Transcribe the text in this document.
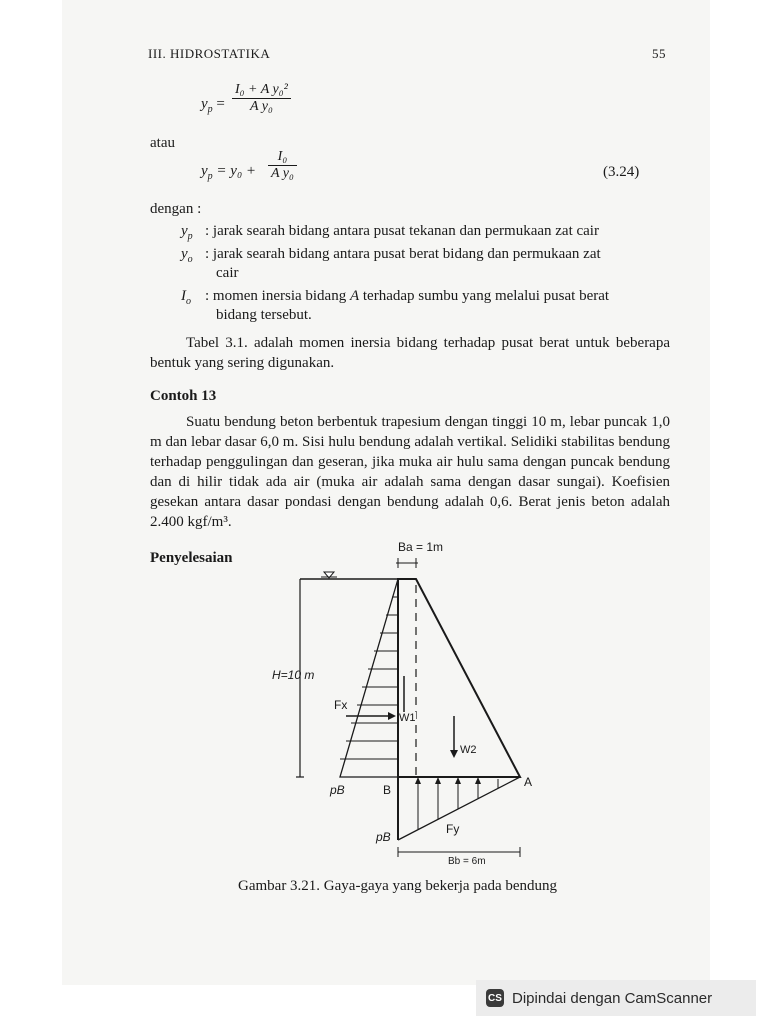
III. HIDROSTATIKA	55
$y_p$ =
I₀ + A y₀²
A y₀
atau
$y_p = y_0$ +
I₀
A y₀	(3.24)
dengan :
$y_p$ : jarak searah bidang antara pusat tekanan dan permukaan zat cair
$y_o$ : jarak searah bidang antara pusat berat bidang dan permukaan zat
cair
$I_o$ : momen inersia bidang A terhadap sumbu yang melalui pusat berat
bidang tersebut.
Tabel 3.1. adalah momen inersia bidang terhadap pusat berat untuk beberapa bentuk yang sering digunakan.
Contoh 13
Suatu bendung beton berbentuk trapesium dengan tinggi 10 m, lebar puncak 1,0 m dan lebar dasar 6,0 m. Sisi hulu bendung adalah vertikal. Selidiki stabilitas bendung terhadap penggulingan dan geseran, jika muka air hulu sama dengan puncak bendung dan di hilir tidak ada air (muka air adalah sama dengan dasar sungai). Koefisien gesekan antara dasar pondasi dengan bendung adalah 0,6. Berat jenis beton adalah 2.400 kgf/m³.
Penyelesaian
Ba = 1m
H=10 m
Fx
W1
W2
pB	B
A
Fy
pB
Bb = 6m
Gambar 3.21. Gaya-gaya yang bekerja pada bendung
CS Dipindai dengan CamScanner
